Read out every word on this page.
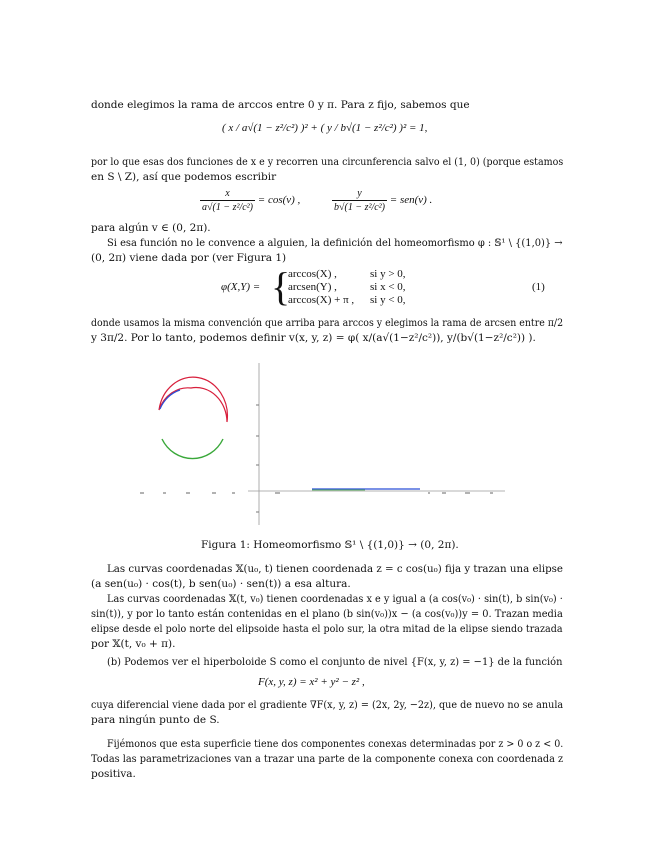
donde elegimos la rama de arccos entre 0 y π. Para z fijo, sabemos que
( x / a√(1 − z²/c²) )² + ( y / b√(1 − z²/c²) )² = 1,
por lo que esas dos funciones de x e y recorren una circunferencia salvo el (1, 0) (porque estamos
en S \ Z), así que podemos escribir
$\frac{x}{\text{a√(1 − z²/c²)}} = \cos(v)$ ,	$\frac{y}{\text{b√(1 − z²/c²)}} = sen(v)$ .
para algún v ∈ (0, 2π).
Si esa función no le convence a alguien, la definición del homeomorfismo φ : 𝕊¹ \ {(1,0)} →
(0, 2π) viene dada por (ver Figura 1)
φ(X,Y) = {
arccos(X) ,	si y > 0,
arcsen(Y) ,	si x < 0,
arccos(X) + π , si y < 0,
(1)
donde usamos la misma convención que arriba para arccos y elegimos la rama de arcsen entre π/2
y 3π/2. Por lo tanto, podemos definir v(x, y, z) = φ( x/(a√(1−z²/c²)), y/(b√(1−z²/c²)) ).
Figura 1: Homeomorfismo 𝕊¹ \ {(1,0)} → (0, 2π).
Las curvas coordenadas 𝕏(u₀, t) tienen coordenada z = c cos(u₀) fija y trazan una elipse
(a sen(u₀) · cos(t), b sen(u₀) · sen(t)) a esa altura.
Las curvas coordenadas 𝕏(t, v₀) tienen coordenadas x e y igual a (a cos(v₀) · sin(t), b sin(v₀) ·
sin(t)), y por lo tanto están contenidas en el plano (b sin(v₀))x − (a cos(v₀))y = 0. Trazan media
elipse desde el polo norte del elipsoide hasta el polo sur, la otra mitad de la elipse siendo trazada
por 𝕏(t, v₀ + π).
(b) Podemos ver el hiperboloide S como el conjunto de nivel {F(x, y, z) = −1} de la función
F(x, y, z) = x² + y² − z² ,
cuya diferencial viene dada por el gradiente ∇F(x, y, z) = (2x, 2y, −2z), que de nuevo no se anula
para ningún punto de S.
Fijémonos que esta superficie tiene dos componentes conexas determinadas por z > 0 o z < 0.
Todas las parametrizaciones van a trazar una parte de la componente conexa con coordenada z
positiva.
